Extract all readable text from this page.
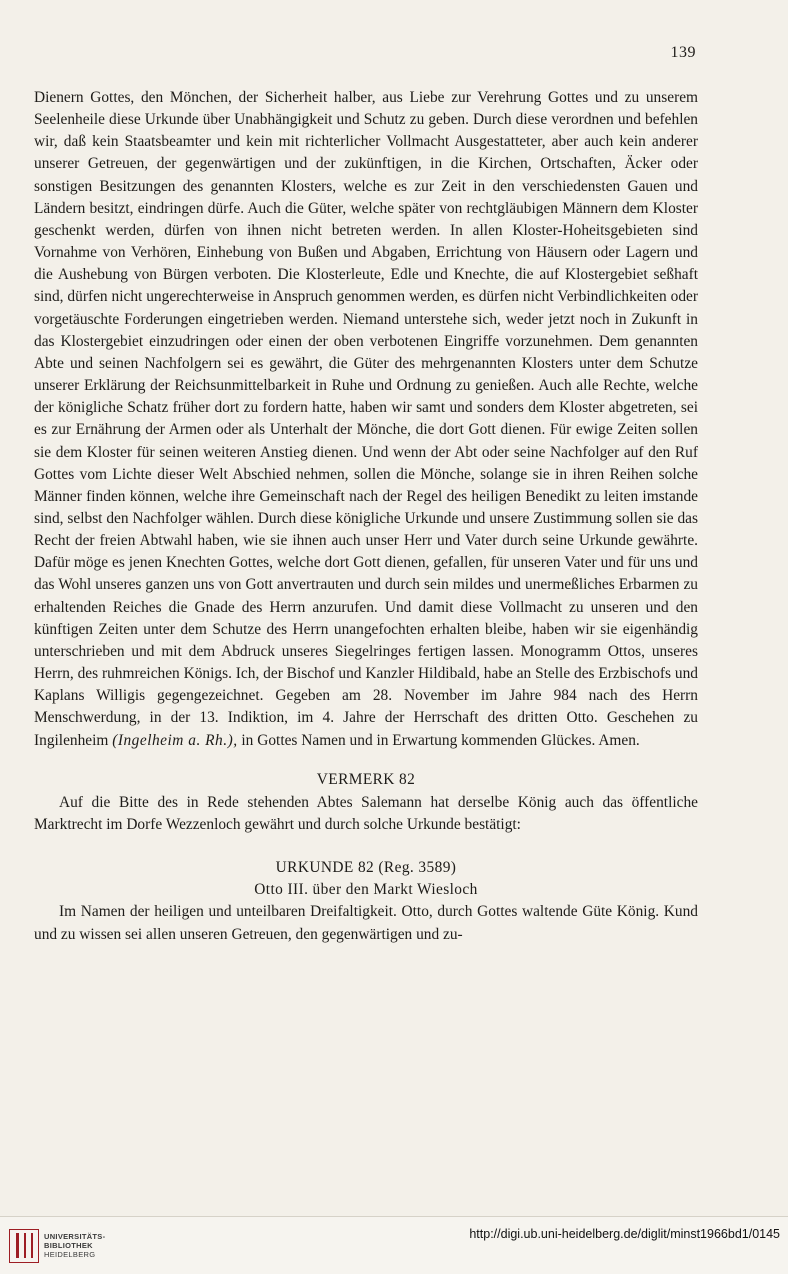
139

Dienern Gottes, den Mönchen, der Sicherheit halber, aus Liebe zur Verehrung Gottes und zu unserem Seelenheile diese Urkunde über Unabhängigkeit und Schutz zu geben. Durch diese verordnen und befehlen wir, daß kein Staatsbeamter und kein mit richterlicher Vollmacht Ausgestatteter, aber auch kein anderer unserer Getreuen, der gegenwärtigen und der zukünftigen, in die Kirchen, Ortschaften, Äcker oder sonstigen Besitzungen des genannten Klosters, welche es zur Zeit in den verschiedensten Gauen und Ländern besitzt, eindringen dürfe. Auch die Güter, welche später von rechtgläubigen Männern dem Kloster geschenkt werden, dürfen von ihnen nicht betreten werden. In allen Kloster-Hoheitsgebieten sind Vornahme von Verhören, Einhebung von Bußen und Abgaben, Errichtung von Häusern oder Lagern und die Aushebung von Bürgen verboten. Die Klosterleute, Edle und Knechte, die auf Klostergebiet seßhaft sind, dürfen nicht ungerechterweise in Anspruch genommen werden, es dürfen nicht Verbindlichkeiten oder vorgetäuschte Forderungen eingetrieben werden. Niemand unterstehe sich, weder jetzt noch in Zukunft in das Klostergebiet einzudringen oder einen der oben verbotenen Eingriffe vorzunehmen. Dem genannten Abte und seinen Nachfolgern sei es gewährt, die Güter des mehrgenannten Klosters unter dem Schutze unserer Erklärung der Reichsunmittelbarkeit in Ruhe und Ordnung zu genießen. Auch alle Rechte, welche der königliche Schatz früher dort zu fordern hatte, haben wir samt und sonders dem Kloster abgetreten, sei es zur Ernährung der Armen oder als Unterhalt der Mönche, die dort Gott dienen. Für ewige Zeiten sollen sie dem Kloster für seinen weiteren Anstieg dienen. Und wenn der Abt oder seine Nachfolger auf den Ruf Gottes vom Lichte dieser Welt Abschied nehmen, sollen die Mönche, solange sie in ihren Reihen solche Männer finden können, welche ihre Gemeinschaft nach der Regel des heiligen Benedikt zu leiten imstande sind, selbst den Nachfolger wählen. Durch diese königliche Urkunde und unsere Zustimmung sollen sie das Recht der freien Abtwahl haben, wie sie ihnen auch unser Herr und Vater durch seine Urkunde gewährte. Dafür möge es jenen Knechten Gottes, welche dort Gott dienen, gefallen, für unseren Vater und für uns und das Wohl unseres ganzen uns von Gott anvertrauten und durch sein mildes und unermeßliches Erbarmen zu erhaltenden Reiches die Gnade des Herrn anzurufen. Und damit diese Vollmacht zu unseren und den künftigen Zeiten unter dem Schutze des Herrn unangefochten erhalten bleibe, haben wir sie eigenhändig unterschrieben und mit dem Abdruck unseres Siegelringes fertigen lassen. Monogramm Ottos, unseres Herrn, des ruhmreichen Königs. Ich, der Bischof und Kanzler Hildibald, habe an Stelle des Erzbischofs und Kaplans Willigis gegengezeichnet. Gegeben am 28. November im Jahre 984 nach des Herrn Menschwerdung, in der 13. Indiktion, im 4. Jahre der Herrschaft des dritten Otto. Geschehen zu Ingilenheim (Ingelheim a. Rh.), in Gottes Namen und in Erwartung kommenden Glückes. Amen.

VERMERK 82

Auf die Bitte des in Rede stehenden Abtes Salemann hat derselbe König auch das öffentliche Marktrecht im Dorfe Wezzenloch gewährt und durch solche Urkunde bestätigt:

URKUNDE 82 (Reg. 3589)

Otto III. über den Markt Wiesloch

Im Namen der heiligen und unteilbaren Dreifaltigkeit. Otto, durch Gottes waltende Güte König. Kund und zu wissen sei allen unseren Getreuen, den gegenwärtigen und zu-

UNIVERSITÄTS-
BIBLIOTHEK
HEIDELBERG
http://digi.ub.uni-heidelberg.de/diglit/minst1966bd1/0145
